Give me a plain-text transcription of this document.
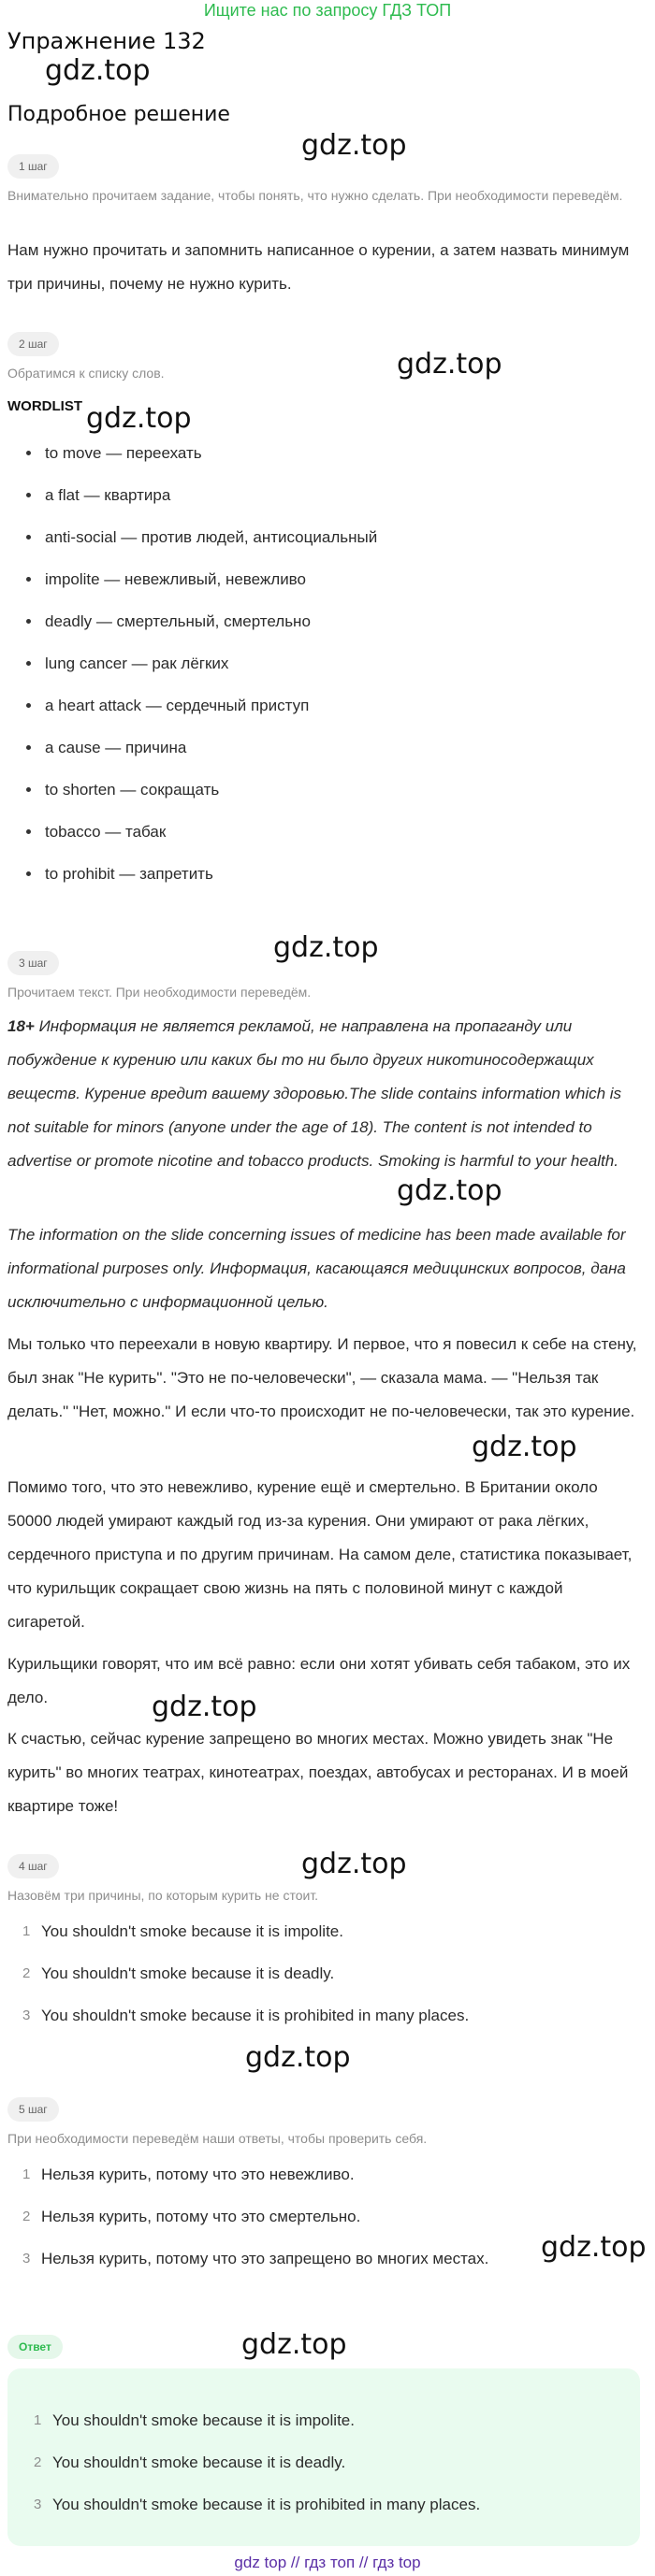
Ищите нас по запросу ГДЗ ТОП
Упражнение 132
gdz.top
Подробное решение
gdz.top
1 шаг
Внимательно прочитаем задание, чтобы понять, что нужно сделать. При необходимости переведём.
Нам нужно прочитать и запомнить написанное о курении, а затем назвать минимум три причины, почему не нужно курить.
2 шаг
Обратимся к списку слов.	gdz.top
WORDLIST gdz.top
to move — переехать
a flat — квартира
anti-social — против людей, антисоциальный
impolite — невежливый, невежливо
deadly — смертельный, смертельно
lung cancer — рак лёгких
a heart attack — сердечный приступ
a cause — причина
to shorten — сокращать
tobacco — табак
to prohibit — запретить
gdz.top
3 шаг
Прочитаем текст. При необходимости переведём.
18+ Информация не является рекламой, не направлена на пропаганду или побуждение к курению или каких бы то ни было других никотиносодержащих веществ. Курение вредит вашему здоровью.The slide contains information which is not suitable for minors (anyone under the age of 18). The content is not intended to advertise or promote nicotine and tobacco products. Smoking is harmful to your health.
gdz.top
The information on the slide concerning issues of medicine has been made available for informational purposes only. Информация, касающаяся медицинских вопросов, дана исключительно с информационной целью.
Мы только что переехали в новую квартиру. И первое, что я повесил к себе на стену, был знак "Не курить". "Это не по-человечески", — сказала мама. — "Нельзя так делать." "Нет, можно." И если что-то происходит не по-человечески, так это курение.
gdz.top
Помимо того, что это невежливо, курение ещё и смертельно. В Британии около 50000 людей умирают каждый год из-за курения. Они умирают от рака лёгких, сердечного приступа и по другим причинам. На самом деле, статистика показывает, что курильщик сокращает свою жизнь на пять с половиной минут с каждой сигаретой.
Курильщики говорят, что им всё равно: если они хотят убивать себя табаком, это их дело.	gdz.top
К счастью, сейчас курение запрещено во многих местах. Можно увидеть знак "Не курить" во многих театрах, кинотеатрах, поездах, автобусах и ресторанах. И в моей квартире тоже!
4 шаг	gdz.top
Назовём три причины, по которым курить не стоит.
1 You shouldn't smoke because it is impolite.
2 You shouldn't smoke because it is deadly.
3 You shouldn't smoke because it is prohibited in many places.
gdz.top
5 шаг
При необходимости переведём наши ответы, чтобы проверить себя.
1 Нельзя курить, потому что это невежливо.
2 Нельзя курить, потому что это смертельно.
3 Нельзя курить, потому что это запрещено во многих местах.	gdz.top
gdz.top
Ответ
1 You shouldn't smoke because it is impolite.
2 You shouldn't smoke because it is deadly.
3 You shouldn't smoke because it is prohibited in many places.
gdz top // гдз топ // гдз top
